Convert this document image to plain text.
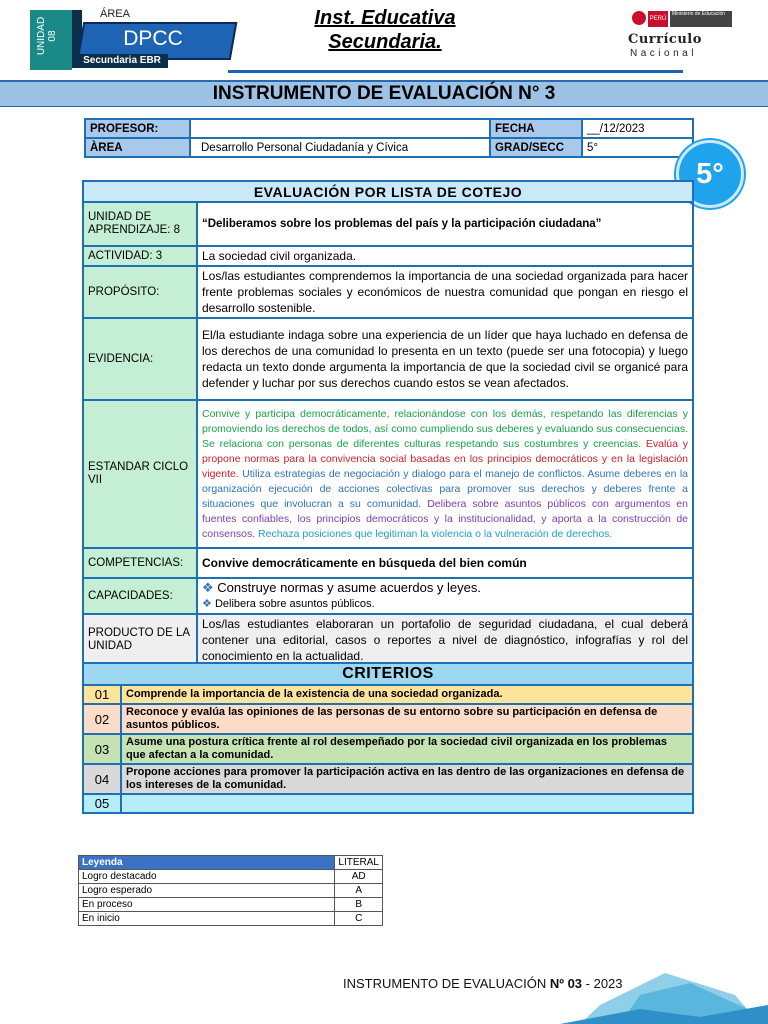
UNIDAD
08
ÁREA
DPCC
Secundaria EBR
Inst. Educativa
Secundaria.
PERÚ
Ministerio de Educación
Currículo
Nacional
INSTRUMENTO DE EVALUACIÓN N° 3
PROFESOR:		FECHA	__/12/2023
ÀREA	Desarrollo Personal Ciudadanía y Cívica	GRAD/SECC	5°
5°
EVALUACIÓN POR LISTA DE COTEJO	
UNIDAD DE APRENDIZAJE: 8	“Deliberamos sobre los problemas del país y la participación ciudadana”
ACTIVIDAD: 3	La sociedad civil organizada.
PROPÓSITO:	Los/las estudiantes comprendemos la importancia de una sociedad organizada para hacer frente problemas sociales y económicos de nuestra comunidad que pongan en riesgo el desarrollo sostenible.
EVIDENCIA:	El/la estudiante indaga sobre una experiencia de un líder que haya luchado en defensa de los derechos de una comunidad lo presenta en un texto (puede ser una fotocopia) y luego redacta un texto donde argumenta la importancia de que la sociedad civil se organicé para defender y luchar por sus derechos cuando estos se vean afectados.
ESTANDAR CICLO VII	Convive y participa democráticamente, relacionándose con los demás, respetando las diferencias y promoviendo los derechos de todos, así como cumpliendo sus deberes y evaluando sus consecuencias. Se relaciona con personas de diferentes culturas respetando sus costumbres y creencias. Evalúa y propone normas para la convivencia social basadas en los principios democráticos y en la legislación vigente. Utiliza estrategias de negociación y dialogo para el manejo de conflictos. Asume deberes en la organización ejecución de acciones colectivas para promover sus derechos y deberes frente a situaciones que involucran a su comunidad. Delibera sobre asuntos públicos con argumentos en fuentes confiables, los principios democráticos y la institucionalidad, y aporta a la construcción de consensos. Rechaza posiciones que legitiman la violencia o la vulneración de derechos.
COMPETENCIAS:	Convive democráticamente en búsqueda del bien común
CAPACIDADES:	❖ Construye normas y asume acuerdos y leyes.
❖ Delibera sobre asuntos públicos.

PRODUCTO DE LA UNIDAD	Los/las estudiantes elaboraran un portafolio de seguridad ciudadana, el cual deberá contener una editorial, casos o reportes a nivel de diagnóstico, infografías y rol del conocimiento en la actualidad.
CRITERIOS	
01	Comprende la importancia de la existencia de una sociedad organizada.
02	Reconoce y evalúa las opiniones de las personas de su entorno sobre su participación en defensa de asuntos públicos.
03	Asume una postura crítica frente al rol desempeñado por la sociedad civil organizada en los problemas que afectan a la comunidad.
04	Propone acciones para promover la participación activa en las dentro de las organizaciones en defensa de los intereses de la comunidad.
05	
Leyenda	LITERAL
Logro destacado	AD
Logro esperado	A
En proceso	B
En inicio	C
INSTRUMENTO DE EVALUACIÓN Nº 03 - 2023
